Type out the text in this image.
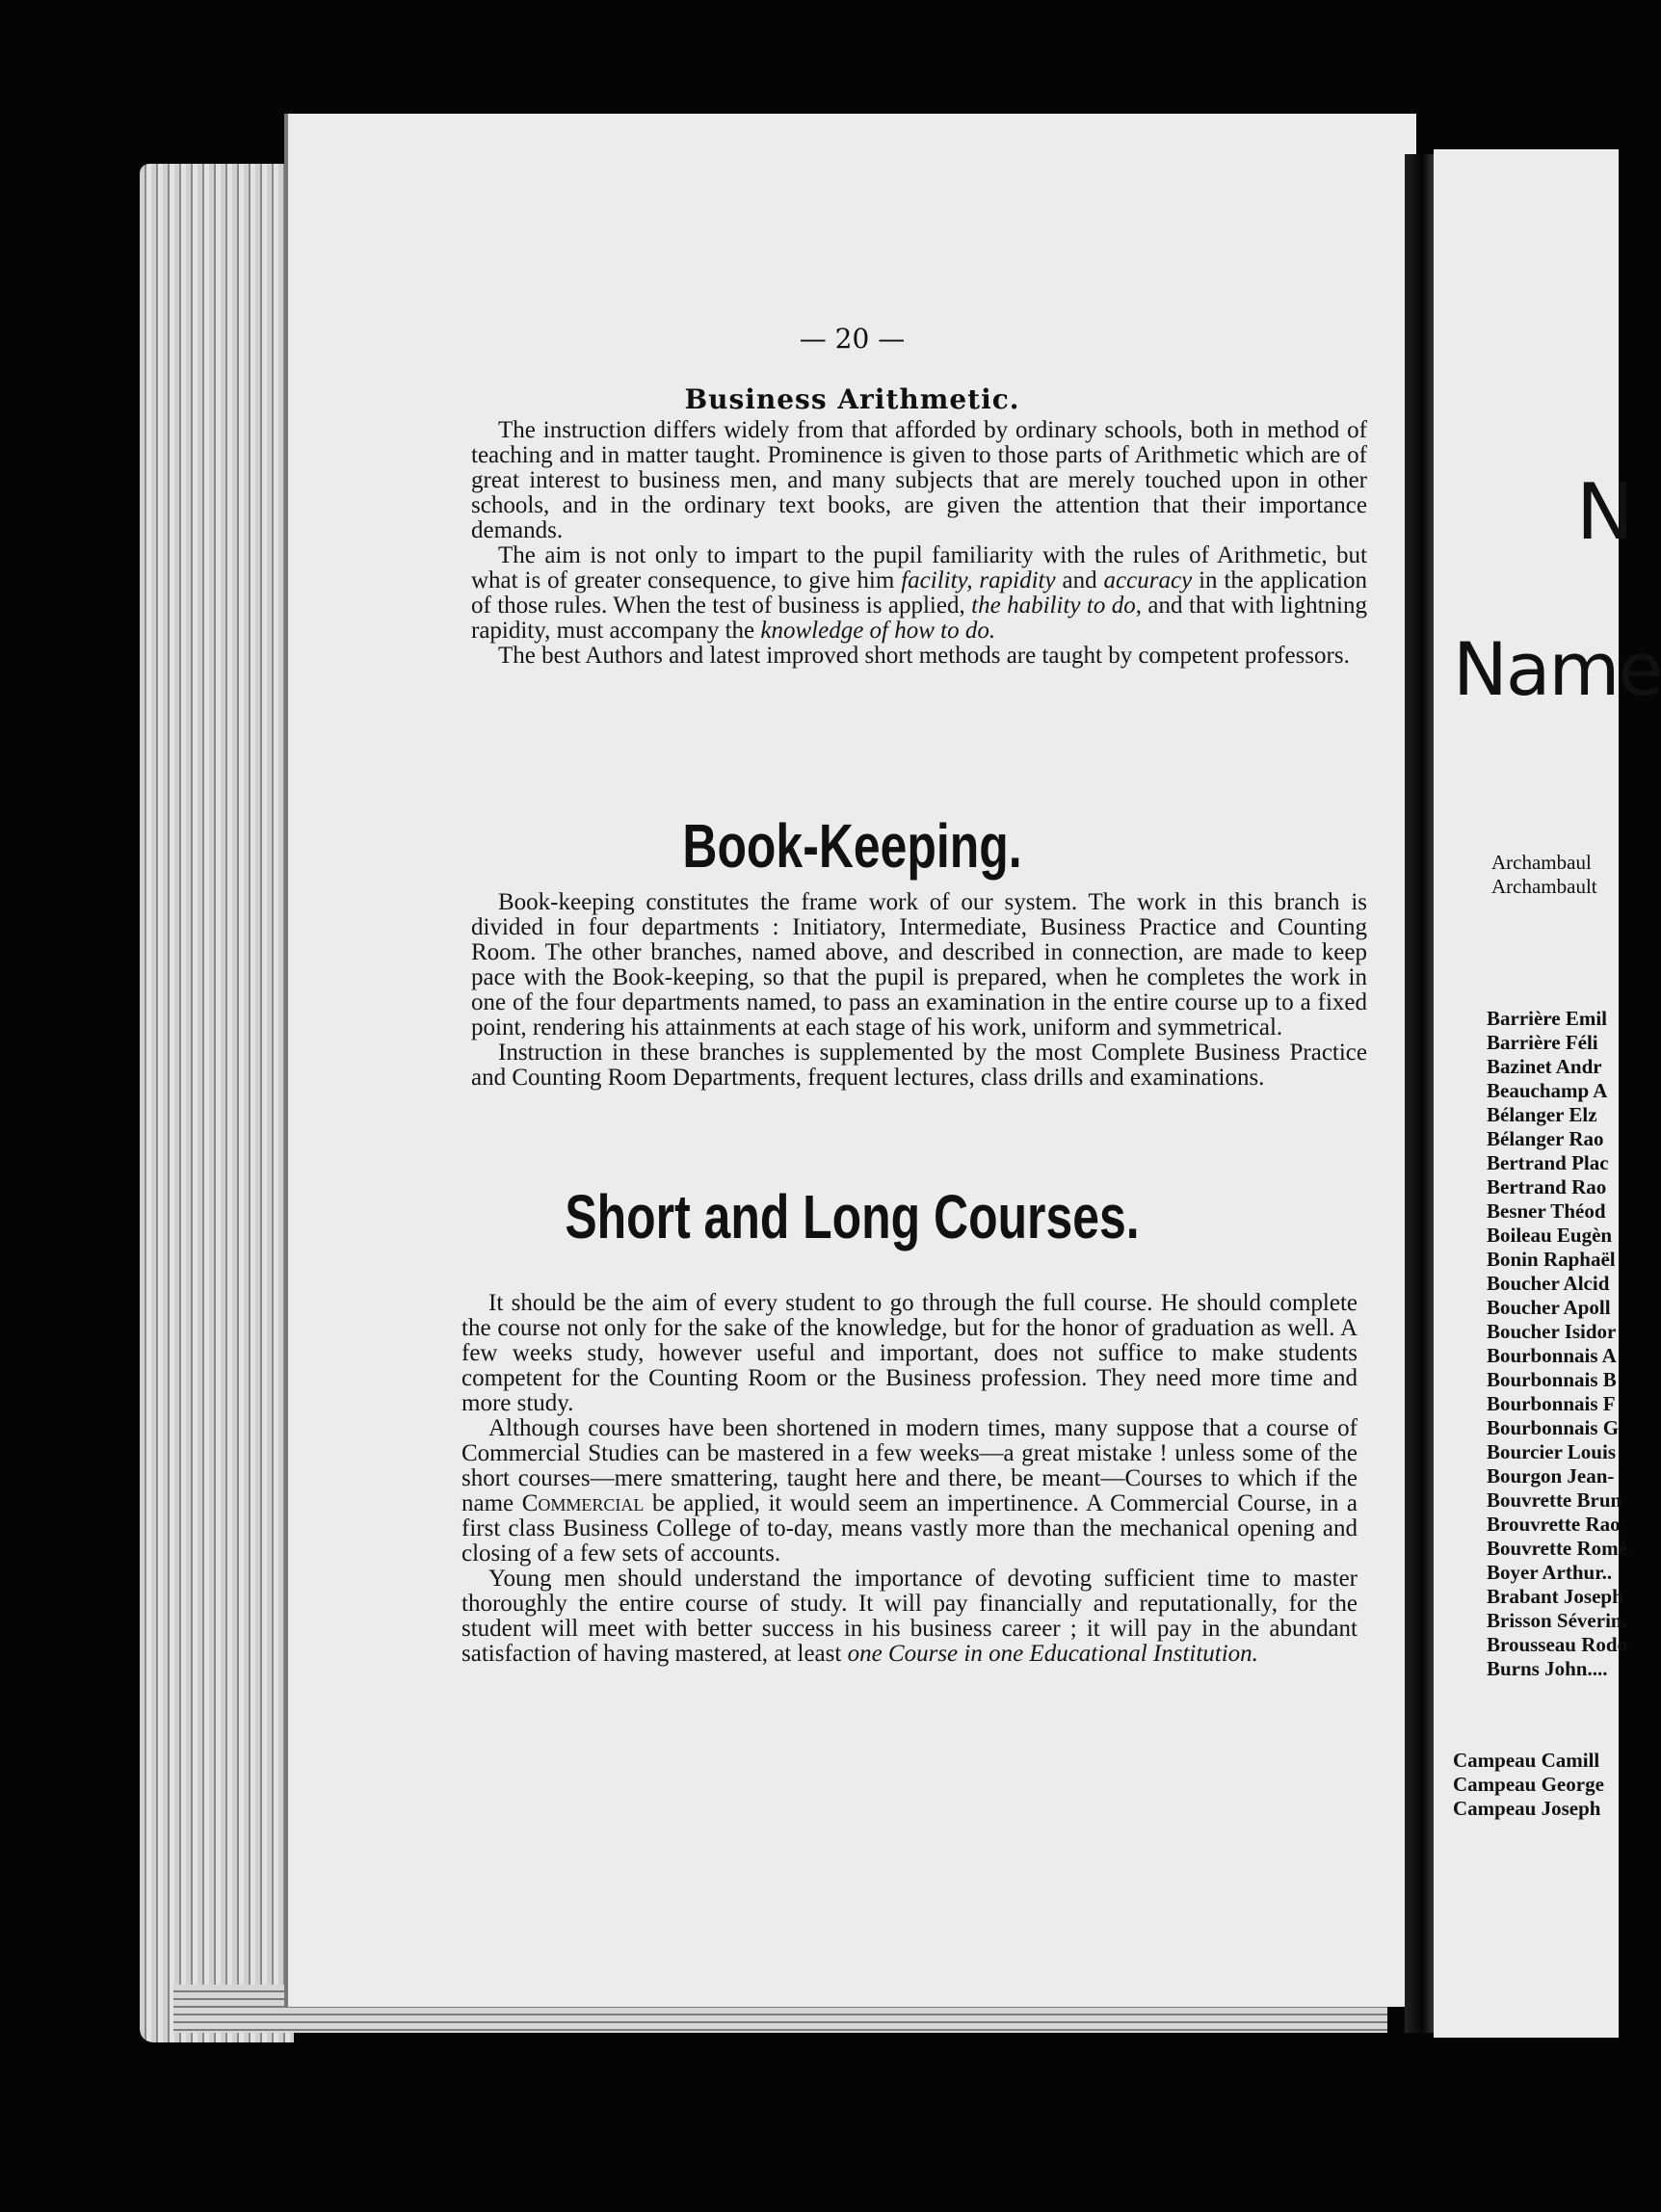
— 20 —
Business Arithmetic.

The instruction differs widely from that afforded by ordinary schools, both in method of teaching and in matter taught. Prominence is given to those parts of Arithmetic which are of great interest to business men, and many subjects that are merely touched upon in other schools, and in the ordinary text books, are given the attention that their importance demands.

The aim is not only to impart to the pupil familiarity with the rules of Arithmetic, but what is of greater consequence, to give him facility, rapidity and accuracy in the application of those rules. When the test of business is applied, the hability to do, and that with lightning rapidity, must accompany the knowledge of how to do.

The best Authors and latest improved short methods are taught by competent professors.

Book-Keeping.

Book-keeping constitutes the frame work of our system. The work in this branch is divided in four departments : Initiatory, Intermediate, Business Practice and Counting Room. The other branches, named above, and described in connection, are made to keep pace with the Book-keeping, so that the pupil is prepared, when he completes the work in one of the four departments named, to pass an examination in the entire course up to a fixed point, rendering his attainments at each stage of his work, uniform and symmetrical.

Instruction in these branches is supplemented by the most Complete Business Practice and Counting Room Departments, frequent lectures, class drills and examinations.

Short and Long Courses.

It should be the aim of every student to go through the full course. He should complete the course not only for the sake of the knowledge, but for the honor of graduation as well. A few weeks study, however useful and important, does not suffice to make students competent for the Counting Room or the Business profession. They need more time and more study.

Although courses have been shortened in modern times, many suppose that a course of Commercial Studies can be mastered in a few weeks—a great mistake ! unless some of the short courses—mere smattering, taught here and there, be meant—Courses to which if the name Commercial be applied, it would seem an impertinence. A Commercial Course, in a first class Business College of to-day, means vastly more than the mechanical opening and closing of a few sets of accounts.

Young men should understand the importance of devoting sufficient time to master thoroughly the entire course of study. It will pay financially and reputationally, for the student will meet with better success in his business career ; it will pay in the abundant satisfaction of having mastered, at least one Course in one Educational Institution.

N
Name
Archambaul
Archambault
Barrière Emil
Barrière Féli
Bazinet Andr
Beauchamp A
Bélanger Elz
Bélanger Rao
Bertrand Plac
Bertrand Rao
Besner Théod
Boileau Eugèn
Bonin Raphaël
Boucher Alcid
Boucher Apoll
Boucher Isidor
Bourbonnais A
Bourbonnais B
Bourbonnais F
Bourbonnais G
Bourcier Louis
Bourgon Jean-
Bouvrette Brun
Brouvrette Rao
Bouvrette Romé
Boyer Arthur..
Brabant Joseph
Brisson Séverin.
Brousseau Rodo
Burns John....
Campeau Camill
Campeau George
Campeau Joseph
